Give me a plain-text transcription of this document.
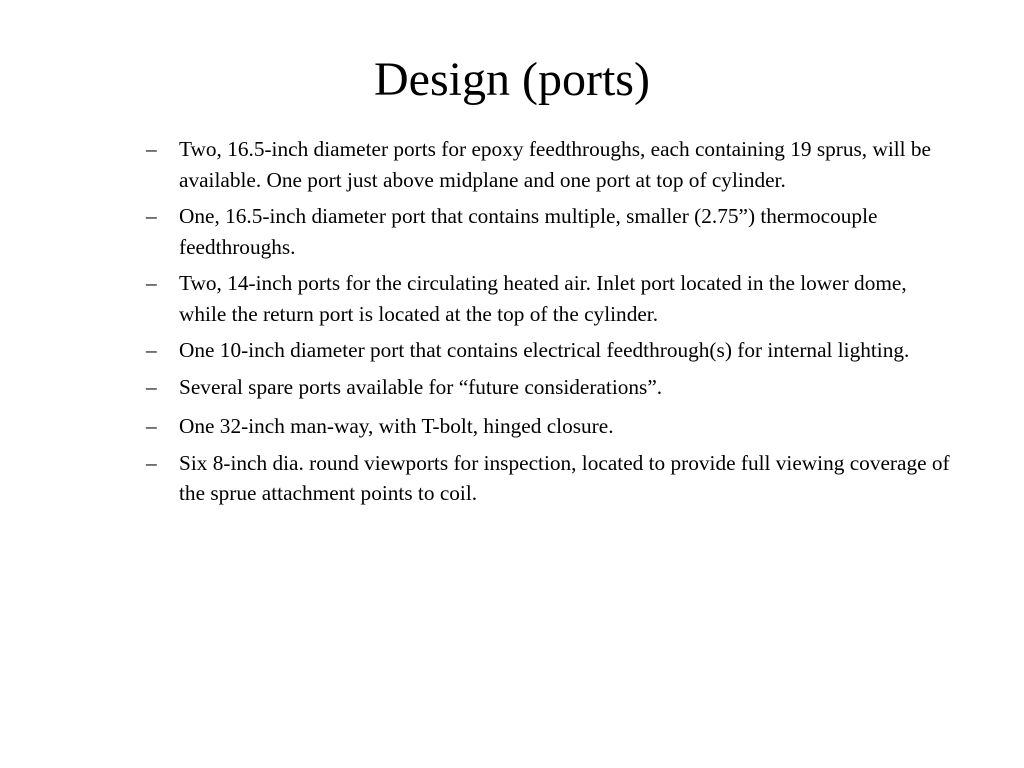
Design (ports)
– Two, 16.5-inch diameter ports for epoxy feedthroughs, each containing 19 sprus, will be available. One port just above midplane and one port at top of cylinder.
– One, 16.5-inch diameter port that contains multiple, smaller (2.75”) thermocouple feedthroughs.
– Two, 14-inch ports for the circulating heated air. Inlet port located in the lower dome, while the return port is located at the top of the cylinder.
– One 10-inch diameter port that contains electrical feedthrough(s) for internal lighting.
– Several spare ports available for “future considerations”.
– One 32-inch man-way, with T-bolt, hinged closure.
– Six 8-inch dia. round viewports for inspection, located to provide full viewing coverage of the sprue attachment points to coil.
